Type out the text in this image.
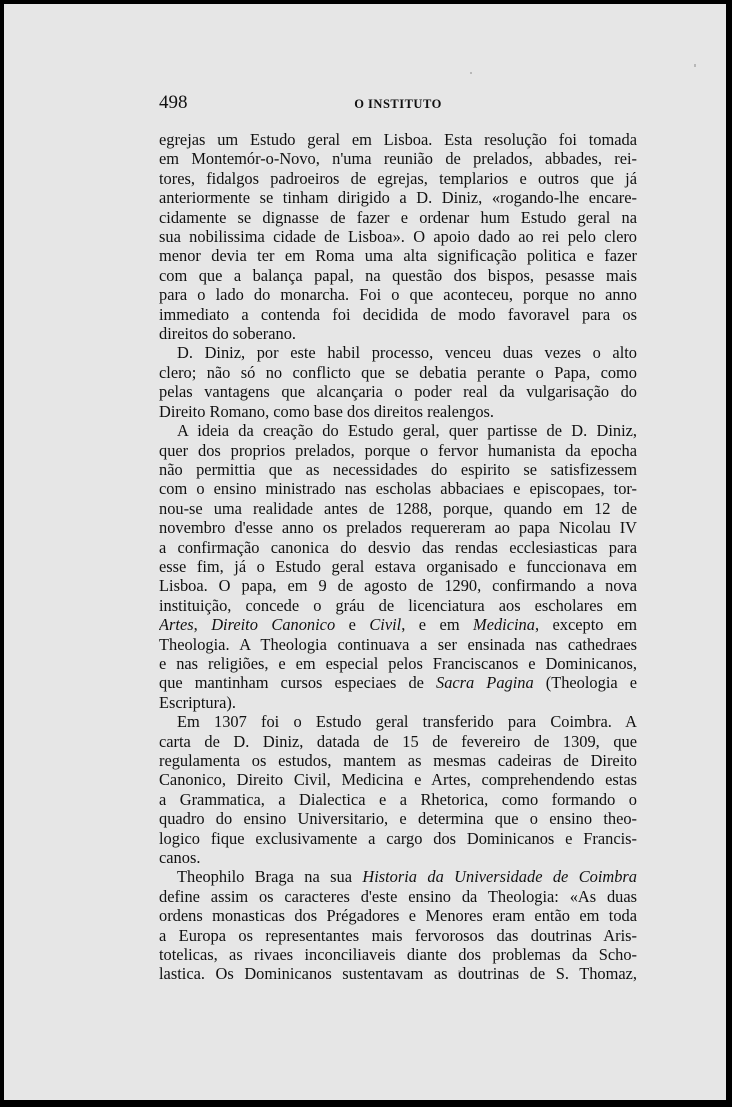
498	O INSTITUTO
egrejas um Estudo geral em Lisboa. Esta resolução foi tomada
em Montemór-o-Novo, n'uma reunião de prelados, abbades, rei-
tores, fidalgos padroeiros de egrejas, templarios e outros que já
anteriormente se tinham dirigido a D. Diniz, «rogando-lhe encare-
cidamente se dignasse de fazer e ordenar hum Estudo geral na
sua nobilissima cidade de Lisboa». O apoio dado ao rei pelo clero
menor devia ter em Roma uma alta significação politica e fazer
com que a balança papal, na questão dos bispos, pesasse mais
para o lado do monarcha. Foi o que aconteceu, porque no anno
immediato a contenda foi decidida de modo favoravel para os
direitos do soberano.
D. Diniz, por este habil processo, venceu duas vezes o alto
clero; não só no conflicto que se debatia perante o Papa, como
pelas vantagens que alcançaria o poder real da vulgarisação do
Direito Romano, como base dos direitos realengos.
A ideia da creação do Estudo geral, quer partisse de D. Diniz,
quer dos proprios prelados, porque o fervor humanista da epocha
não permittia que as necessidades do espirito se satisfizessem
com o ensino ministrado nas escholas abbaciaes e episcopaes, tor-
nou-se uma realidade antes de 1288, porque, quando em 12 de
novembro d'esse anno os prelados requereram ao papa Nicolau IV
a confirmação canonica do desvio das rendas ecclesiasticas para
esse fim, já o Estudo geral estava organisado e funccionava em
Lisboa. O papa, em 9 de agosto de 1290, confirmando a nova
instituição, concede o gráu de licenciatura aos escholares em
Artes, Direito Canonico e Civil, e em Medicina, excepto em
Theologia. A Theologia continuava a ser ensinada nas cathedraes
e nas religiões, e em especial pelos Franciscanos e Dominicanos,
que mantinham cursos especiaes de Sacra Pagina (Theologia e
Escriptura).
Em 1307 foi o Estudo geral transferido para Coimbra. A
carta de D. Diniz, datada de 15 de fevereiro de 1309, que
regulamenta os estudos, mantem as mesmas cadeiras de Direito
Canonico, Direito Civil, Medicina e Artes, comprehendendo estas
a Grammatica, a Dialectica e a Rhetorica, como formando o
quadro do ensino Universitario, e determina que o ensino theo-
logico fique exclusivamente a cargo dos Dominicanos e Francis-
canos.
Theophilo Braga na sua Historia da Universidade de Coimbra
define assim os caracteres d'este ensino da Theologia: «As duas
ordens monasticas dos Prégadores e Menores eram então em toda
a Europa os representantes mais fervorosos das doutrinas Aris-
totelicas, as rivaes inconciliaveis diante dos problemas da Scho-
lastica. Os Dominicanos sustentavam as doutrinas de S. Thomaz,
